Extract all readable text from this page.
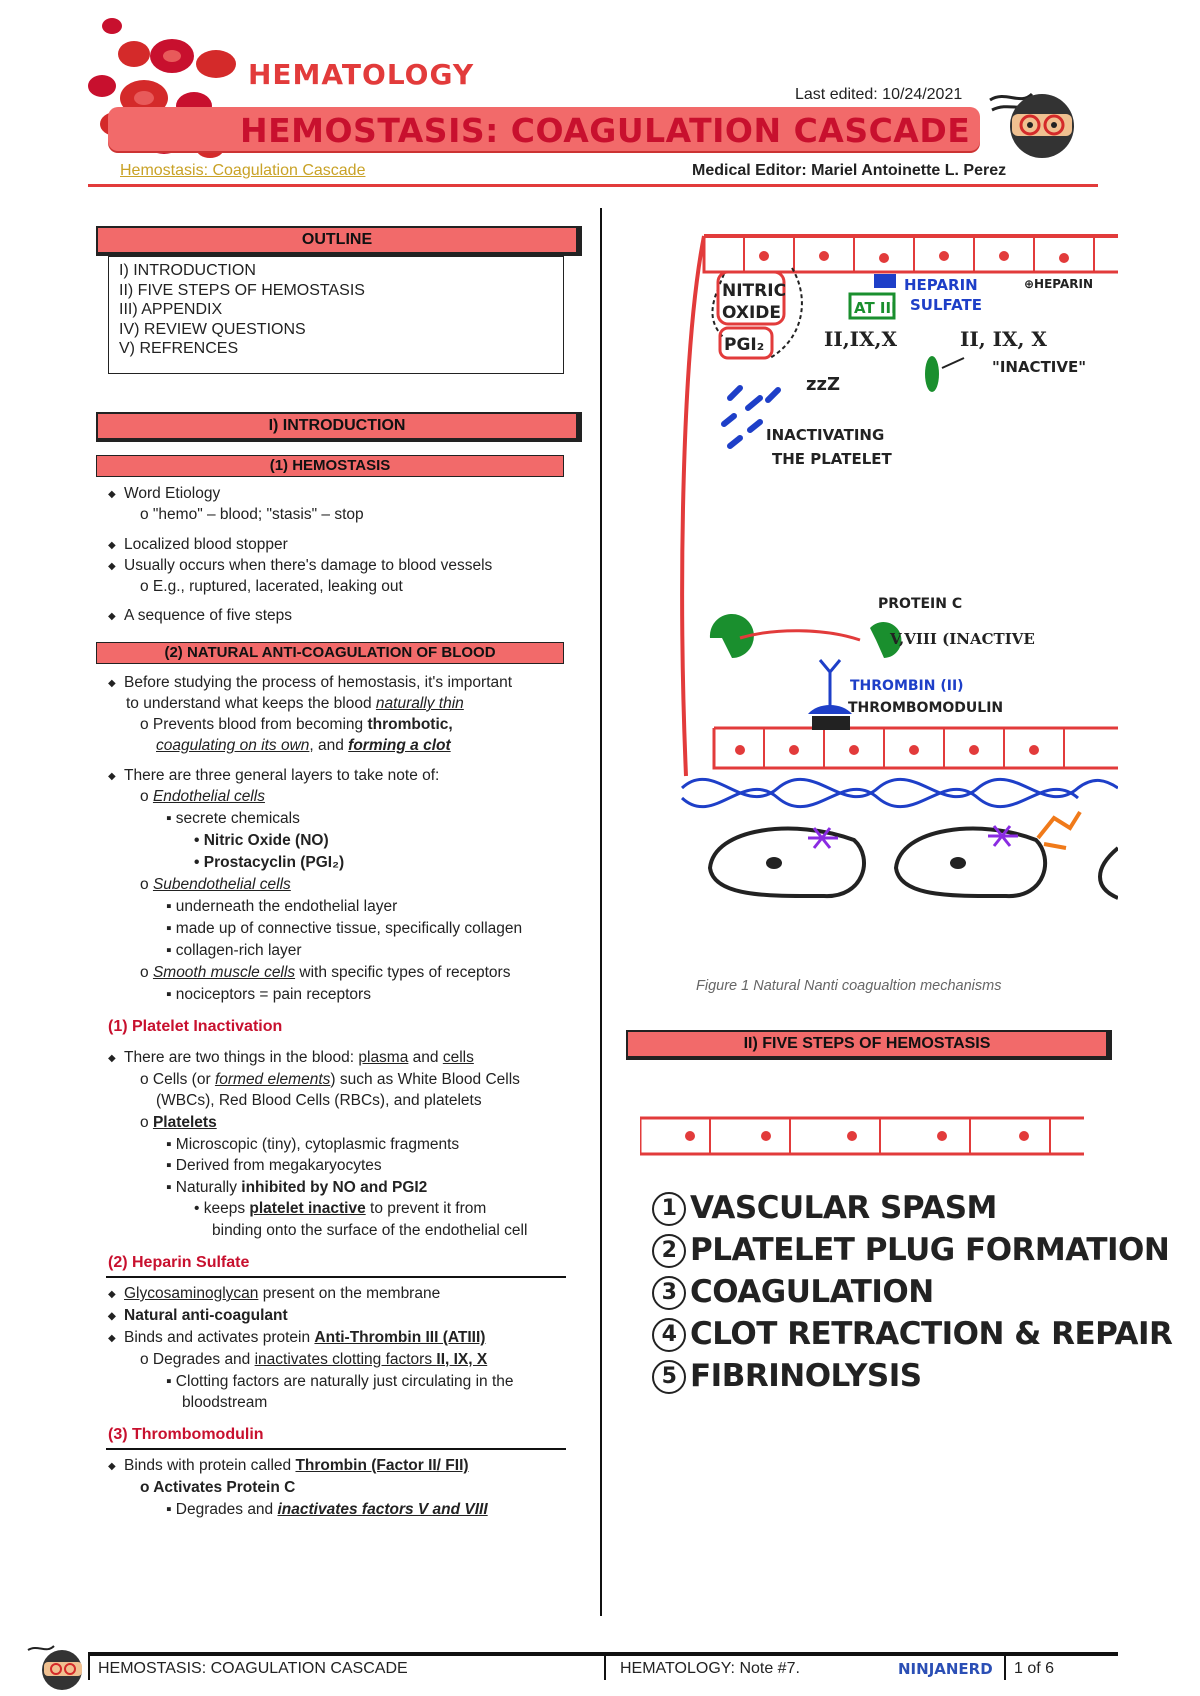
HEMATOLOGY
HEMOSTASIS: COAGULATION CASCADE
Last edited: 10/24/2021
Hemostasis: Coagulation Cascade	Medical Editor: Mariel Antoinette L. Perez
OUTLINE
I) INTRODUCTION
II) FIVE STEPS OF HEMOSTASIS
III) APPENDIX
IV) REVIEW QUESTIONS
V) REFRENCES
I) INTRODUCTION
(1) HEMOSTASIS
◆ Word Etiology
o "hemo" – blood; "stasis" – stop
◆ Localized blood stopper
◆ Usually occurs when there's damage to blood vessels
o E.g., ruptured, lacerated, leaking out
◆ A sequence of five steps
(2) NATURAL ANTI-COAGULATION OF BLOOD
◆ Before studying the process of hemostasis, it's important
to understand what keeps the blood naturally thin
o Prevents blood from becoming thrombotic,
coagulating on its own, and forming a clot
◆ There are three general layers to take note of:
o Endothelial cells
▪ secrete chemicals
• Nitric Oxide (NO)
• Prostacyclin (PGI₂)
o Subendothelial cells
▪ underneath the endothelial layer
▪ made up of connective tissue, specifically collagen
▪ collagen-rich layer
o Smooth muscle cells with specific types of receptors
▪ nociceptors = pain receptors
(1) Platelet Inactivation
◆ There are two things in the blood: plasma and cells
o Cells (or formed elements) such as White Blood Cells
(WBCs), Red Blood Cells (RBCs), and platelets
o Platelets
▪ Microscopic (tiny), cytoplasmic fragments
▪ Derived from megakaryocytes
▪ Naturally inhibited by NO and PGI2
• keeps platelet inactive to prevent it from
binding onto the surface of the endothelial cell
(2) Heparin Sulfate
◆ Glycosaminoglycan present on the membrane
◆ Natural anti-coagulant
◆ Binds and activates protein Anti-Thrombin III (ATIII)
o Degrades and inactivates clotting factors II, IX, X
▪ Clotting factors are naturally just circulating in the
bloodstream
(3) Thrombomodulin
◆ Binds with protein called Thrombin (Factor II/ FII)
o Activates Protein C
▪ Degrades and inactivates factors V and VIII
NITRIC
OXIDE
PGI₂
zzZ
INACTIVATING
THE PLATELET
HEPARIN
SULFATE
⊕HEPARIN
AT III
II,IX,X	II, IX, X
"INACTIVE"
PROTEIN C
V,VIII (INACTIVE
THROMBIN (II)
THROMBOMODULIN
Figure 1 Natural Nanti coagualtion mechanisms
II) FIVE STEPS OF HEMOSTASIS
1 VASCULAR SPASM
2 PLATELET PLUG FORMATION
3 COAGULATION
4 CLOT RETRACTION & REPAIR
5 FIBRINOLYSIS
HEMOSTASIS: COAGULATION CASCADE	HEMATOLOGY: Note #7.	NINJANERD 1 of 6
